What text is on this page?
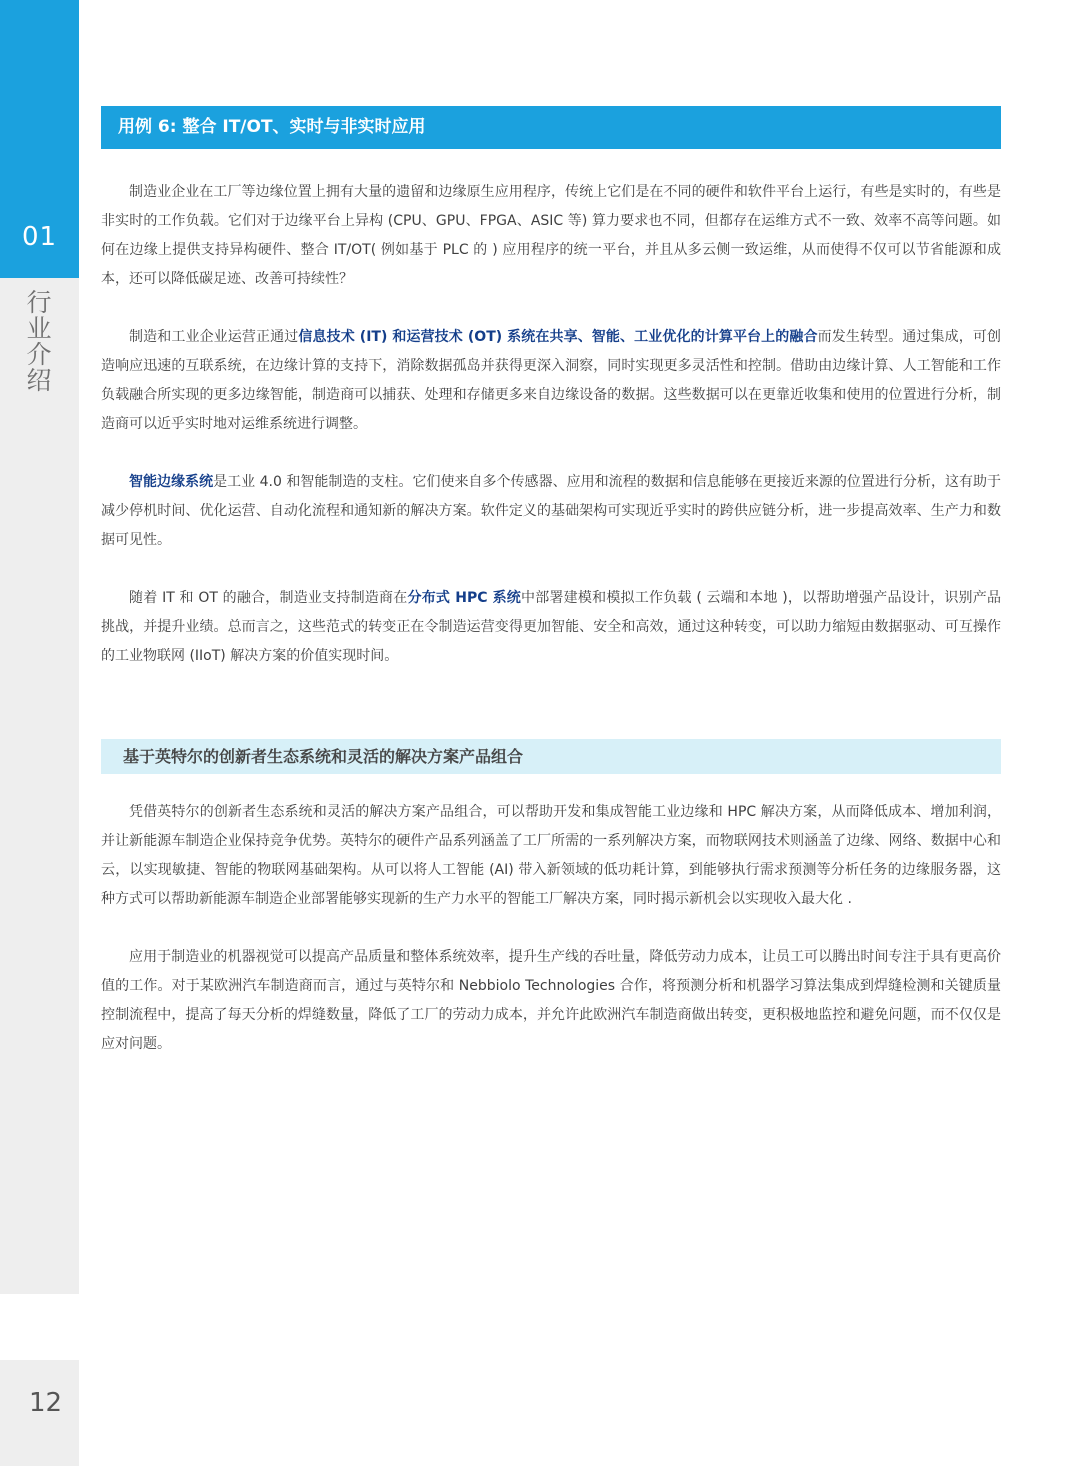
01
行业介绍
12
用例 6: 整合 IT/OT、实时与非实时应用

制造业企业在工厂等边缘位置上拥有大量的遗留和边缘原生应用程序，传统上它们是在不同的硬件和软件平台上运行，有些是实时的，有些是非实时的工作负载。它们对于边缘平台上异构 (CPU、GPU、FPGA、ASIC 等) 算力要求也不同，但都存在运维方式不一致、效率不高等问题。如何在边缘上提供支持异构硬件、整合 IT/OT( 例如基于 PLC 的 ) 应用程序的统一平台，并且从多云侧一致运维，从而使得不仅可以节省能源和成本，还可以降低碳足迹、改善可持续性？

制造和工业企业运营正通过信息技术 (IT) 和运营技术 (OT) 系统在共享、智能、工业优化的计算平台上的融合而发生转型。通过集成，可创造响应迅速的互联系统，在边缘计算的支持下，消除数据孤岛并获得更深入洞察，同时实现更多灵活性和控制。借助由边缘计算、人工智能和工作负载融合所实现的更多边缘智能，制造商可以捕获、处理和存储更多来自边缘设备的数据。这些数据可以在更靠近收集和使用的位置进行分析，制造商可以近乎实时地对运维系统进行调整。

智能边缘系统是工业 4.0 和智能制造的支柱。它们使来自多个传感器、应用和流程的数据和信息能够在更接近来源的位置进行分析，这有助于减少停机时间、优化运营、自动化流程和通知新的解决方案。软件定义的基础架构可实现近乎实时的跨供应链分析，进一步提高效率、生产力和数据可见性。

随着 IT 和 OT 的融合，制造业支持制造商在分布式 HPC 系统中部署建模和模拟工作负载 ( 云端和本地 )，以帮助增强产品设计，识别产品挑战，并提升业绩。总而言之，这些范式的转变正在令制造运营变得更加智能、安全和高效，通过这种转变，可以助力缩短由数据驱动、可互操作的工业物联网 (IIoT) 解决方案的价值实现时间。

基于英特尔的创新者生态系统和灵活的解决方案产品组合

凭借英特尔的创新者生态系统和灵活的解决方案产品组合，可以帮助开发和集成智能工业边缘和 HPC 解决方案，从而降低成本、增加利润，并让新能源车制造企业保持竞争优势。英特尔的硬件产品系列涵盖了工厂所需的一系列解决方案，而物联网技术则涵盖了边缘、网络、数据中心和云，以实现敏捷、智能的物联网基础架构。从可以将人工智能 (AI) 带入新领域的低功耗计算，到能够执行需求预测等分析任务的边缘服务器，这种方式可以帮助新能源车制造企业部署能够实现新的生产力水平的智能工厂解决方案，同时揭示新机会以实现收入最大化 .

应用于制造业的机器视觉可以提高产品质量和整体系统效率，提升生产线的吞吐量，降低劳动力成本，让员工可以腾出时间专注于具有更高价值的工作。对于某欧洲汽车制造商而言，通过与英特尔和 Nebbiolo Technologies 合作，将预测分析和机器学习算法集成到焊缝检测和关键质量控制流程中，提高了每天分析的焊缝数量，降低了工厂的劳动力成本，并允许此欧洲汽车制造商做出转变，更积极地监控和避免问题，而不仅仅是应对问题。
